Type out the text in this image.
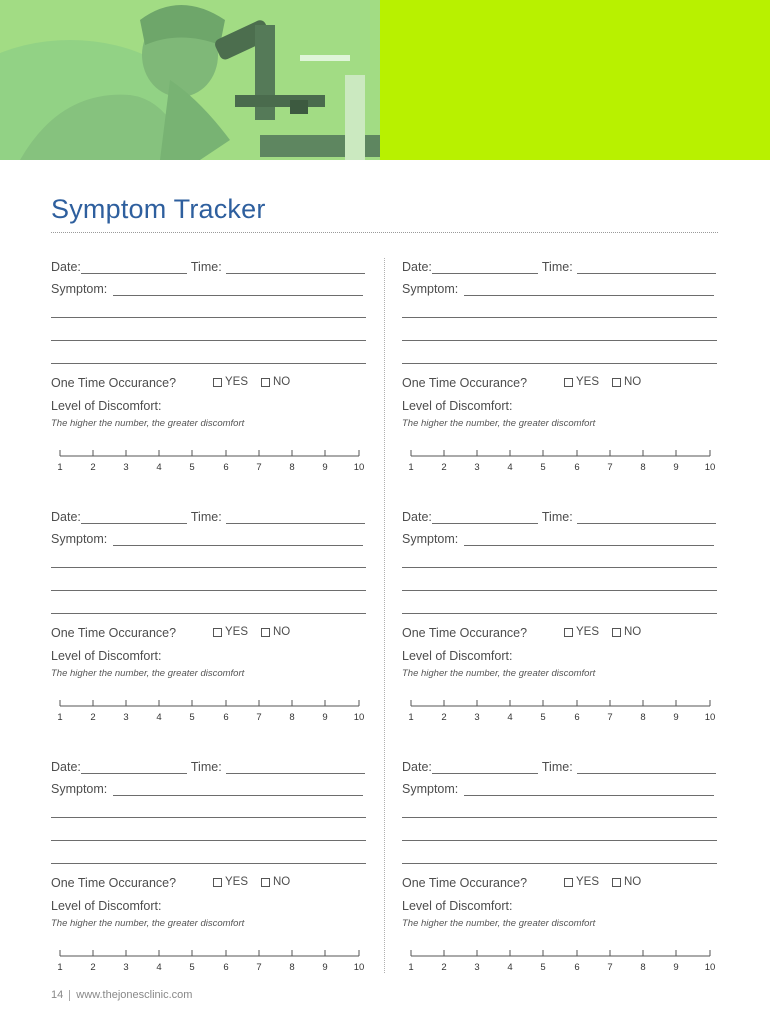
Symptom Tracker
Date:	Time:
Symptom:
One Time Occurance?	YES NO
Level of Discomfort:
The higher the number, the greater discomfort
1	2	3	4	5	6	7	8	9	10
Date:	Time:
Symptom:
One Time Occurance?	YES NO
Level of Discomfort:
The higher the number, the greater discomfort
1	2	3	4	5	6	7	8	9	10
Date:	Time:
Symptom:
One Time Occurance?	YES NO
Level of Discomfort:
The higher the number, the greater discomfort
1	2	3	4	5	6	7	8	9	10
Date:	Time:
Symptom:
One Time Occurance?	YES NO
Level of Discomfort:
The higher the number, the greater discomfort
1	2	3	4	5	6	7	8	9	10
Date:	Time:
Symptom:
One Time Occurance?	YES NO
Level of Discomfort:
The higher the number, the greater discomfort
1	2	3	4	5	6	7	8	9	10
Date:	Time:
Symptom:
One Time Occurance?	YES NO
Level of Discomfort:
The higher the number, the greater discomfort
1	2	3	4	5	6	7	8	9	10
14 www.thejonesclinic.com
